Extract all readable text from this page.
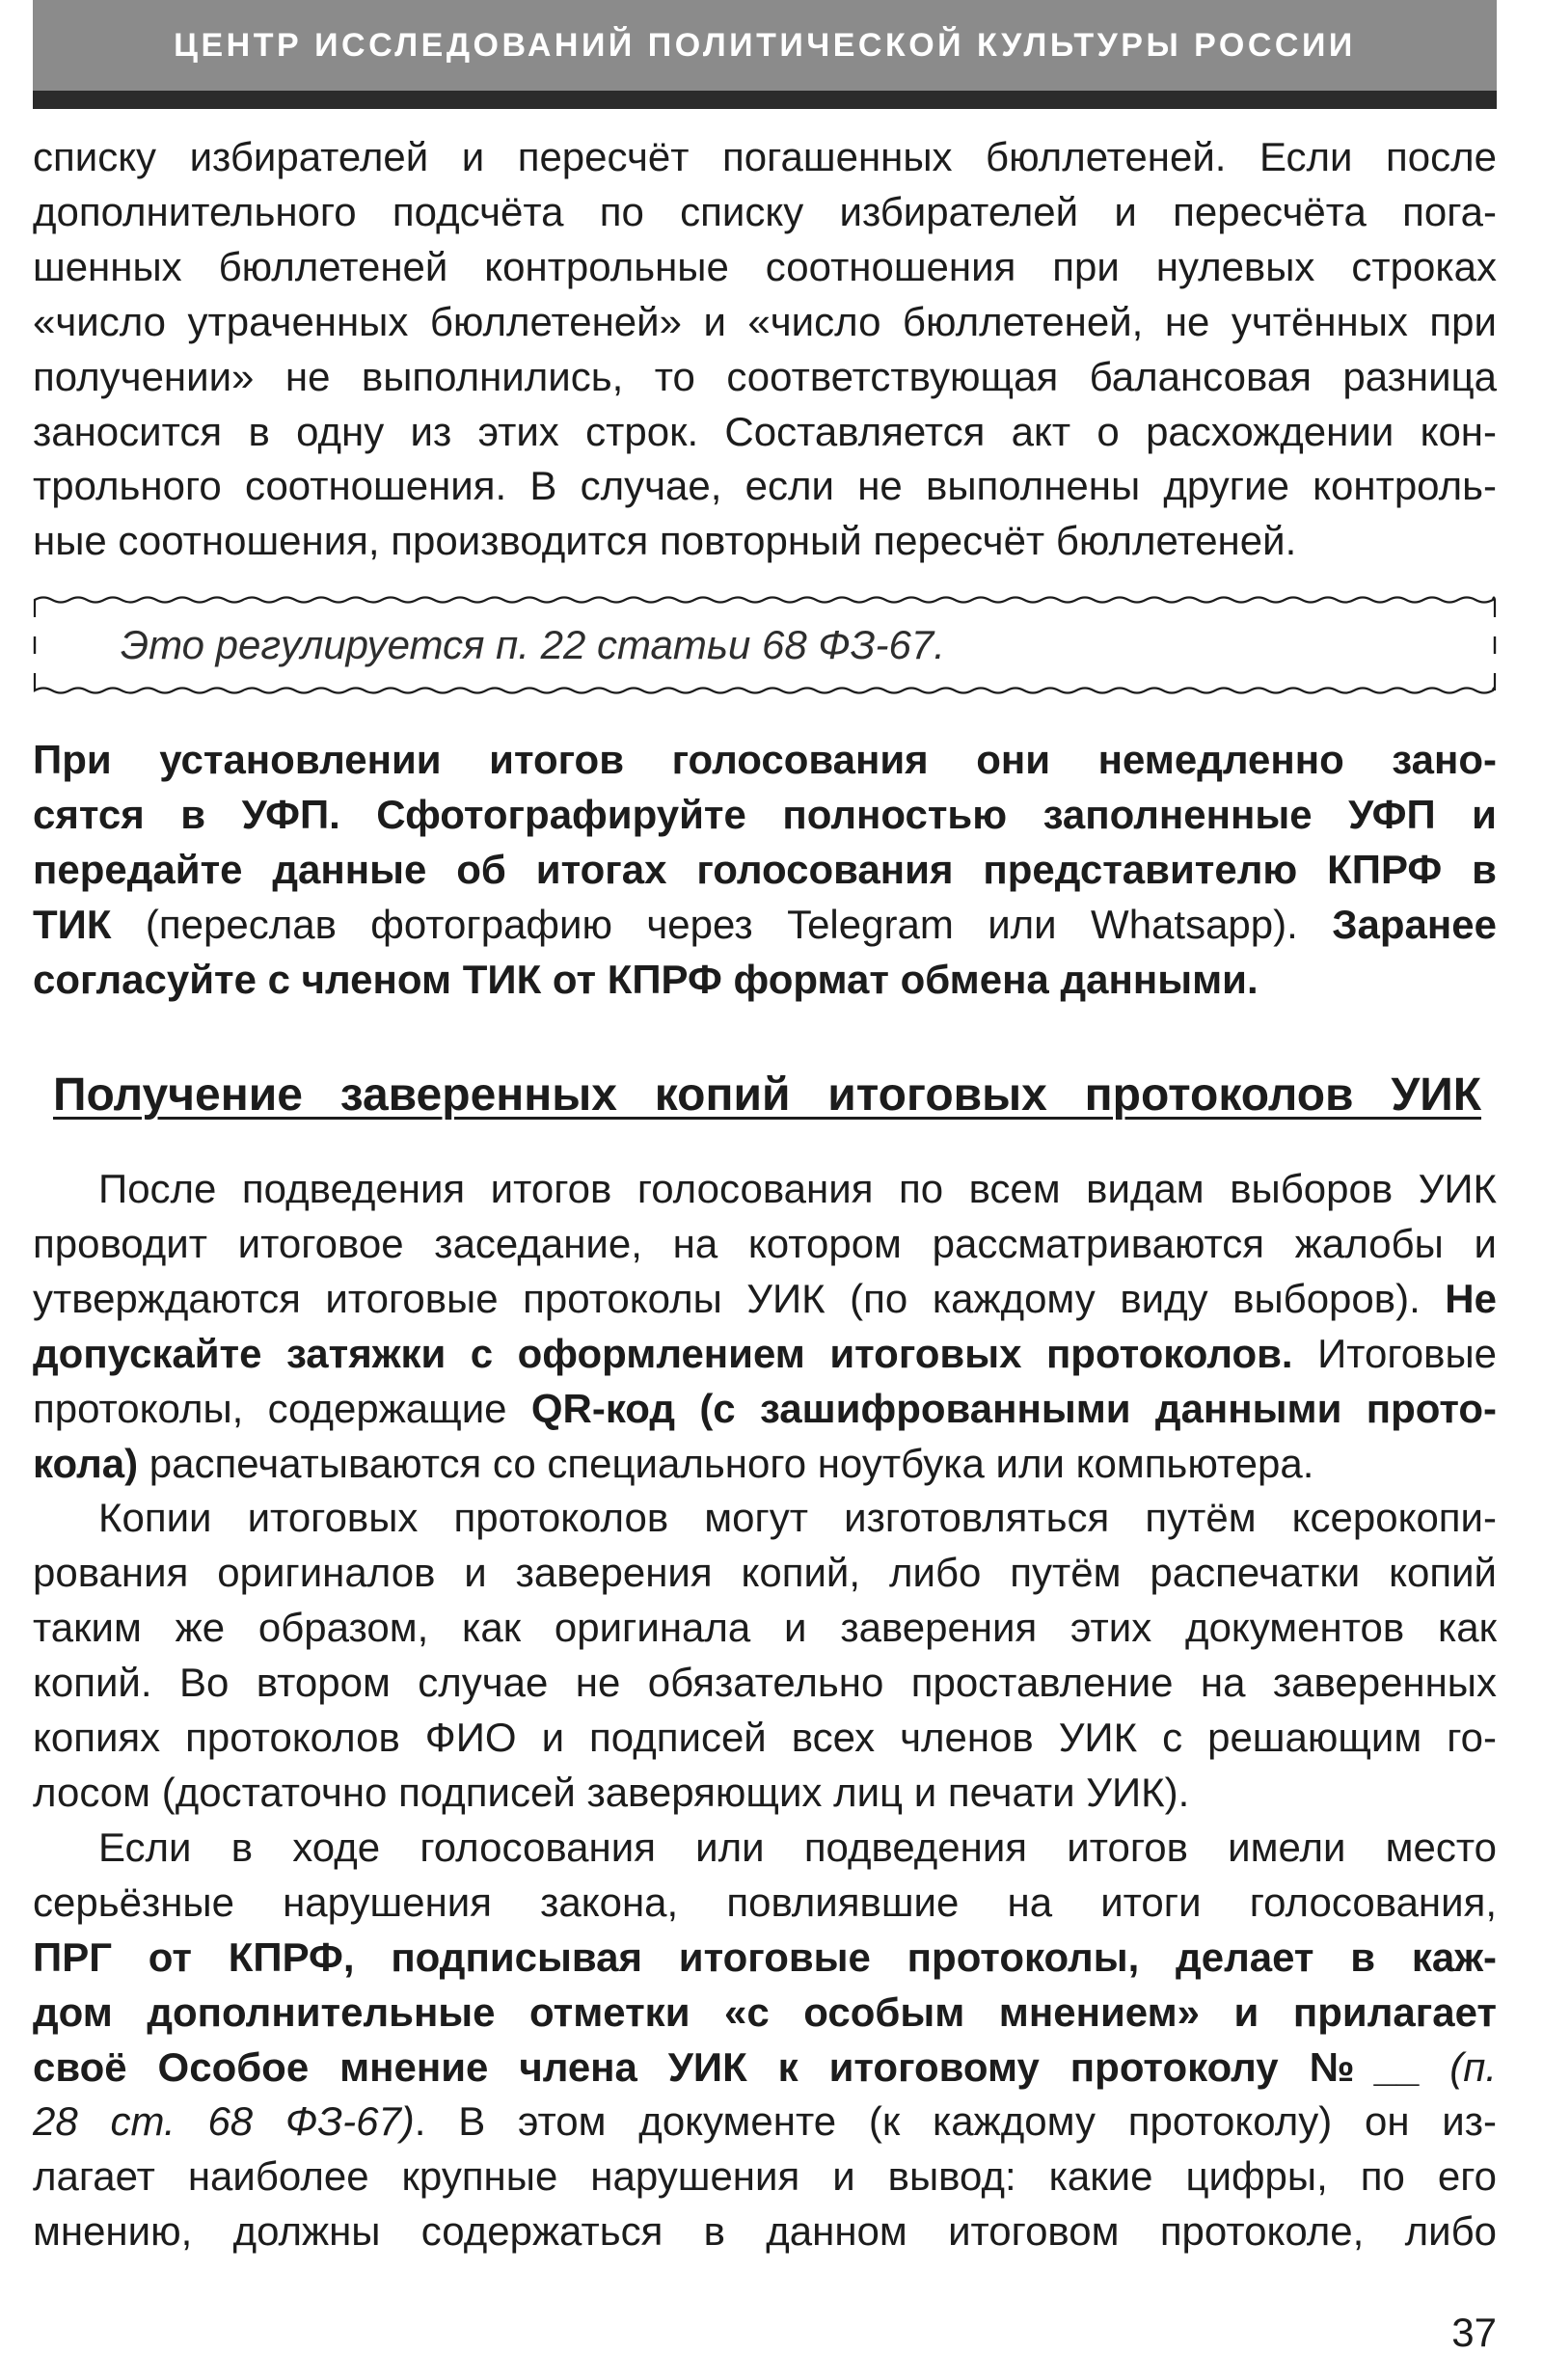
ЦЕНТР ИССЛЕДОВАНИЙ ПОЛИТИЧЕСКОЙ КУЛЬТУРЫ РОССИИ
списку избирателей и пересчёт погашенных бюллетеней. Если после
дополнительного подсчёта по списку избирателей и пересчёта пога-
шенных бюллетеней контрольные соотношения при нулевых строках
«число утраченных бюллетеней» и «число бюллетеней, не учтённых при
получении» не выполнились, то соответствующая балансовая разница
заносится в одну из этих строк. Составляется акт о расхождении кон-
трольного соотношения. В случае, если не выполнены другие контроль-
ные соотношения, производится повторный пересчёт бюллетеней.
Это регулируется п. 22 статьи 68 ФЗ-67.
При установлении итогов голосования они немедленно зано-
сятся в УФП. Сфотографируйте полностью заполненные УФП и
передайте данные об итогах голосования представителю КПРФ в
ТИК (переслав фотографию через Telegram или Whatsapp). Заранее
согласуйте с членом ТИК от КПРФ формат обмена данными.
Получение заверенных копий итоговых протоколов УИК
После подведения итогов голосования по всем видам выборов УИК
проводит итоговое заседание, на котором рассматриваются жалобы и
утверждаются итоговые протоколы УИК (по каждому виду выборов). Не
допускайте затяжки с оформлением итоговых протоколов. Итоговые
протоколы, содержащие QR-код (с зашифрованными данными прото-
кола) распечатываются со специального ноутбука или компьютера.
Копии итоговых протоколов могут изготовляться путём ксерокопи-
рования оригиналов и заверения копий, либо путём распечатки копий
таким же образом, как оригинала и заверения этих документов как
копий. Во втором случае не обязательно проставление на заверенных
копиях протоколов ФИО и подписей всех членов УИК с решающим го-
лосом (достаточно подписей заверяющих лиц и печати УИК).
Если в ходе голосования или подведения итогов имели место
серьёзные нарушения закона, повлиявшие на итоги голосования,
ПРГ от КПРФ, подписывая итоговые протоколы, делает в каж-
дом дополнительные отметки «с особым мнением» и прилагает
своё Особое мнение члена УИК к итоговому протоколу №__ (п.
28 ст. 68 ФЗ-67). В этом документе (к каждому протоколу) он из-
лагает наиболее крупные нарушения и вывод: какие цифры, по его
мнению, должны содержаться в данном итоговом протоколе, либо
37
